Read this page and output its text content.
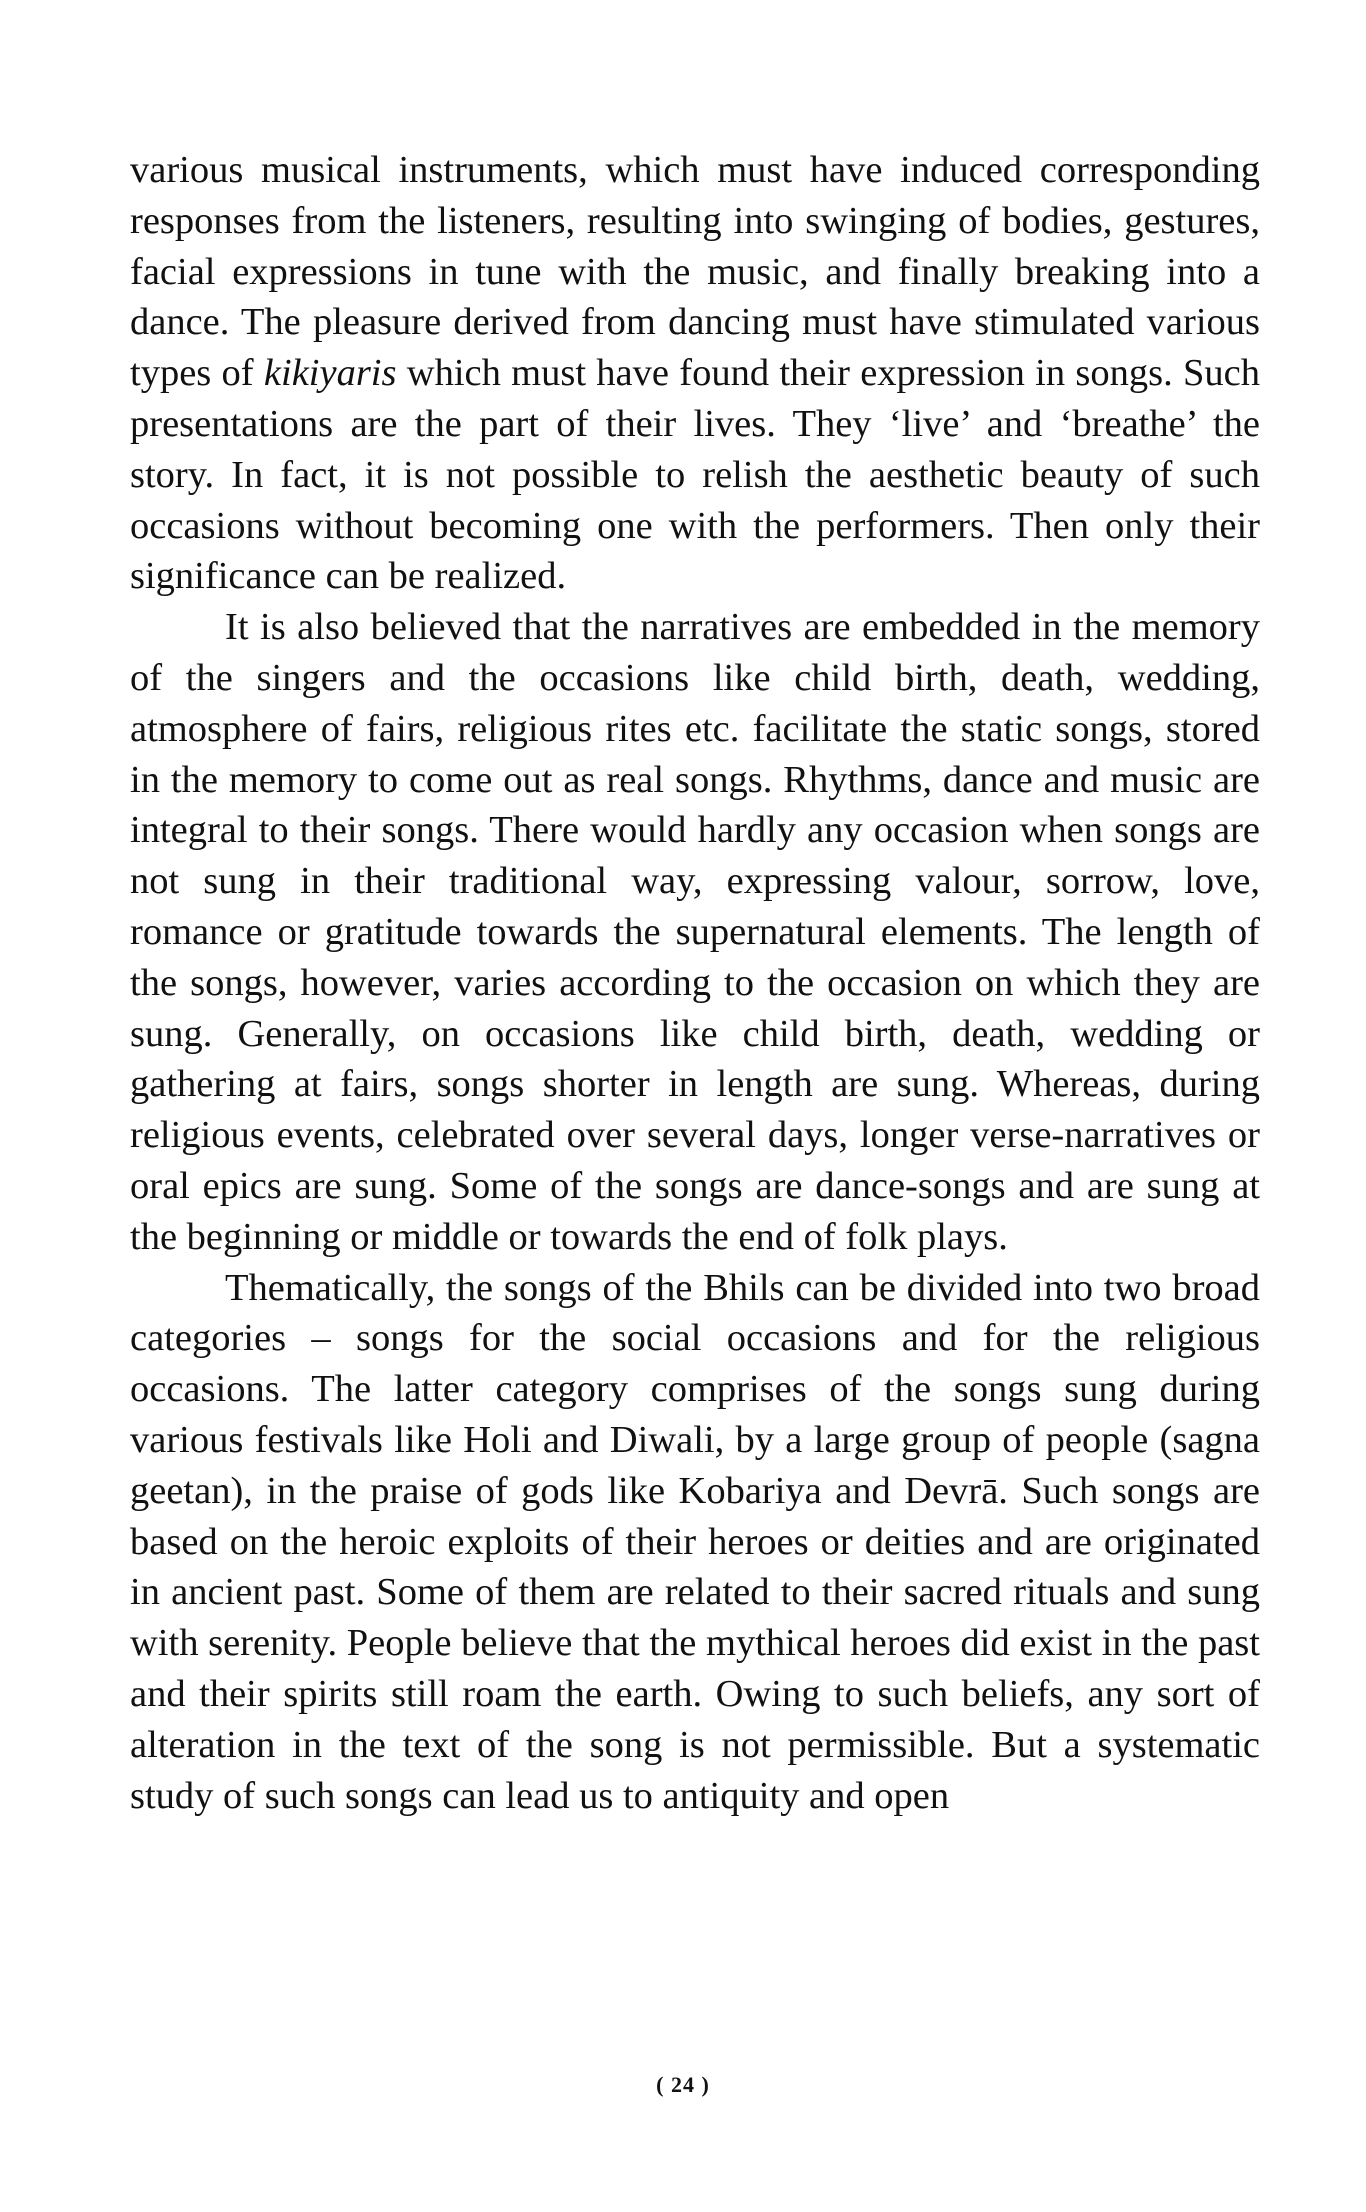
various musical instruments, which must have induced corresponding responses from the listeners, resulting into swinging of bodies, gestures, facial expressions in tune with the music, and finally breaking into a dance. The pleasure derived from dancing must have stimulated various types of kikiyaris which must have found their expression in songs. Such presentations are the part of their lives. They ‘live’ and ‘breathe’ the story. In fact, it is not possible to relish the aesthetic beauty of such occasions without becoming one with the performers. Then only their significance can be realized.

It is also believed that the narratives are embedded in the memory of the singers and the occasions like child birth, death, wedding, atmosphere of fairs, religious rites etc. facilitate the static songs, stored in the memory to come out as real songs. Rhythms, dance and music are integral to their songs. There would hardly any occasion when songs are not sung in their traditional way, expressing valour, sorrow, love, romance or gratitude towards the supernatural elements. The length of the songs, however, varies according to the occasion on which they are sung. Generally, on occasions like child birth, death, wedding or gathering at fairs, songs shorter in length are sung. Whereas, during religious events, celebrated over several days, longer verse-narratives or oral epics are sung. Some of the songs are dance-songs and are sung at the beginning or middle or towards the end of folk plays.

Thematically, the songs of the Bhils can be divided into two broad categories – songs for the social occasions and for the religious occasions. The latter category comprises of the songs sung during various festivals like Holi and Diwali, by a large group of people (sagna geetan), in the praise of gods like Kobariya and Devrā. Such songs are based on the heroic exploits of their heroes or deities and are originated in ancient past. Some of them are related to their sacred rituals and sung with serenity. People believe that the mythical heroes did exist in the past and their spirits still roam the earth. Owing to such beliefs, any sort of alteration in the text of the song is not permissible. But a systematic study of such songs can lead us to antiquity and open

( 24 )
